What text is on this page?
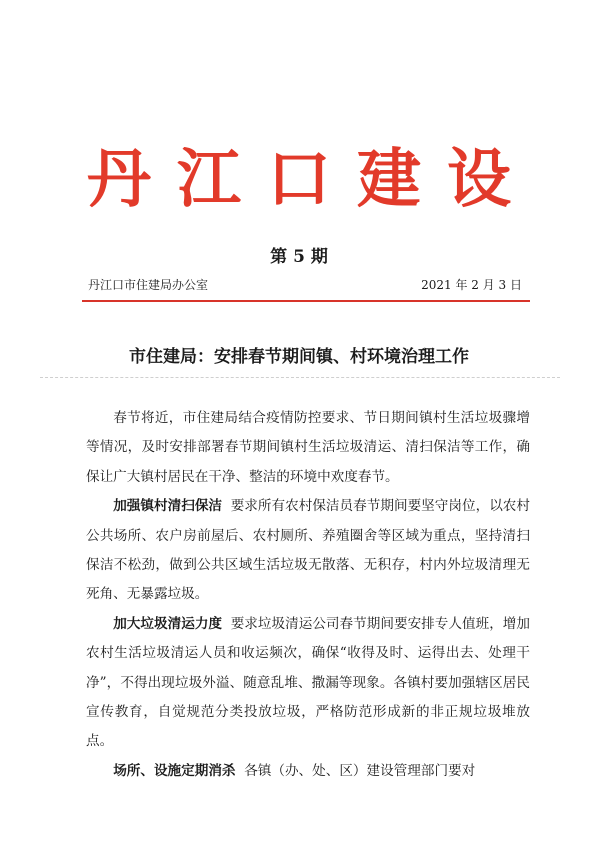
丹江口建设
第 5 期
丹江口市住建局办公室	2021 年 2 月 3 日
市住建局：安排春节期间镇、村环境治理工作

春节将近，市住建局结合疫情防控要求、节日期间镇村生活垃圾骤增等情况，及时安排部署春节期间镇村生活垃圾清运、清扫保洁等工作，确保让广大镇村居民在干净、整洁的环境中欢度春节。

加强镇村清扫保洁 要求所有农村保洁员春节期间要坚守岗位，以农村公共场所、农户房前屋后、农村厕所、养殖圈舍等区域为重点，坚持清扫保洁不松劲，做到公共区域生活垃圾无散落、无积存，村内外垃圾清理无死角、无暴露垃圾。

加大垃圾清运力度 要求垃圾清运公司春节期间要安排专人值班，增加农村生活垃圾清运人员和收运频次，确保“收得及时、运得出去、处理干净”，不得出现垃圾外溢、随意乱堆、撒漏等现象。各镇村要加强辖区居民宣传教育，自觉规范分类投放垃圾，严格防范形成新的非正规垃圾堆放点。

场所、设施定期消杀 各镇（办、处、区）建设管理部门要对
